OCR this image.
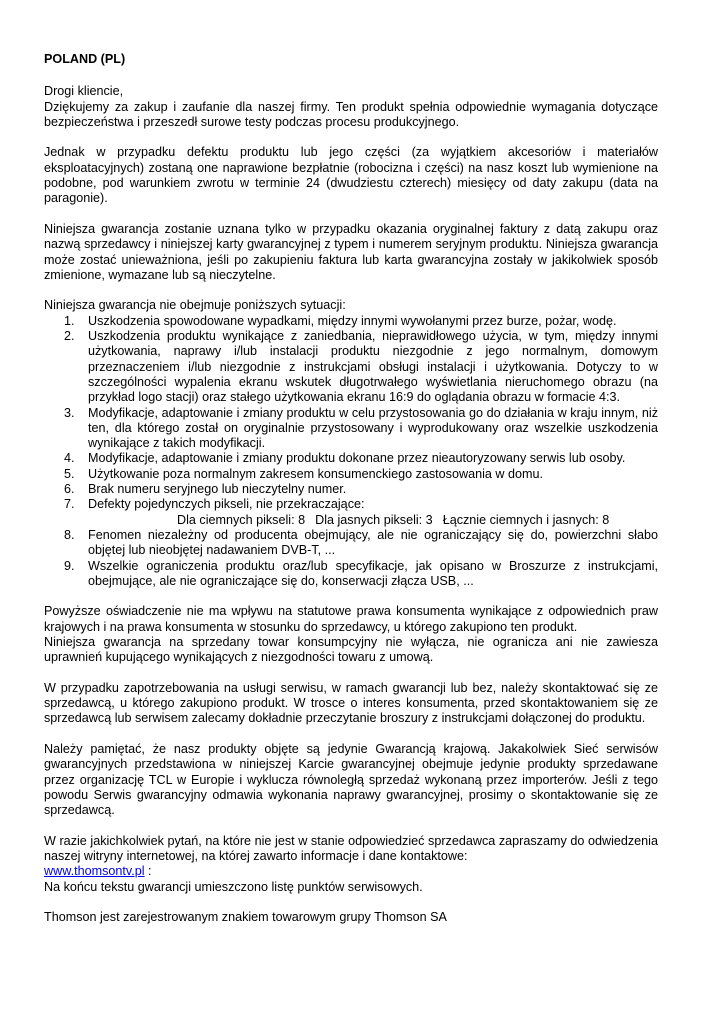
POLAND (PL)

Drogi kliencie,

Dziękujemy za zakup i zaufanie dla naszej firmy. Ten produkt spełnia odpowiednie wymagania dotyczące bezpieczeństwa i przeszedł surowe testy podczas procesu produkcyjnego.

Jednak w przypadku defektu produktu lub jego części (za wyjątkiem akcesoriów i materiałów eksploatacyjnych) zostaną one naprawione bezpłatnie (robocizna i części) na nasz koszt lub wymienione na podobne, pod warunkiem zwrotu w terminie 24 (dwudziestu czterech) miesięcy od daty zakupu (data na paragonie).

Niniejsza gwarancja zostanie uznana tylko w przypadku okazania oryginalnej faktury z datą zakupu oraz nazwą sprzedawcy i niniejszej karty gwarancyjnej z typem i numerem seryjnym produktu. Niniejsza gwarancja może zostać unieważniona, jeśli po zakupieniu faktura lub karta gwarancyjna zostały w jakikolwiek sposób zmienione, wymazane lub są nieczytelne.

Niniejsza gwarancja nie obejmuje poniższych sytuacji:

1. Uszkodzenia spowodowane wypadkami, między innymi wywołanymi przez burze, pożar, wodę.
2. Uszkodzenia produktu wynikające z zaniedbania, nieprawidłowego użycia, w tym, między innymi użytkowania, naprawy i/lub instalacji produktu niezgodnie z jego normalnym, domowym przeznaczeniem i/lub niezgodnie z instrukcjami obsługi instalacji i użytkowania. Dotyczy to w szczególności wypalenia ekranu wskutek długotrwałego wyświetlania nieruchomego obrazu (na przykład logo stacji) oraz stałego użytkowania ekranu 16:9 do oglądania obrazu w formacie 4:3.
3. Modyfikacje, adaptowanie i zmiany produktu w celu przystosowania go do działania w kraju innym, niż ten, dla którego został on oryginalnie przystosowany i wyprodukowany oraz wszelkie uszkodzenia wynikające z takich modyfikacji.
4. Modyfikacje, adaptowanie i zmiany produktu dokonane przez nieautoryzowany serwis lub osoby.
5. Użytkowanie poza normalnym zakresem konsumenckiego zastosowania w domu.
6. Brak numeru seryjnego lub nieczytelny numer.
7. Defekty pojedynczych pikseli, nie przekraczające:
Dla ciemnych pikseli: 8 Dla jasnych pikseli: 3 Łącznie ciemnych i jasnych: 8
8. Fenomen niezależny od producenta obejmujący, ale nie ograniczający się do, powierzchni słabo objętej lub nieobjętej nadawaniem DVB-T, ...
9. Wszelkie ograniczenia produktu oraz/lub specyfikacje, jak opisano w Broszurze z instrukcjami, obejmujące, ale nie ograniczające się do, konserwacji złącza USB, ...

Powyższe oświadczenie nie ma wpływu na statutowe prawa konsumenta wynikające z odpowiednich praw krajowych i na prawa konsumenta w stosunku do sprzedawcy, u którego zakupiono ten produkt.

Niniejsza gwarancja na sprzedany towar konsumpcyjny nie wyłącza, nie ogranicza ani nie zawiesza uprawnień kupującego wynikających z niezgodności towaru z umową.

W przypadku zapotrzebowania na usługi serwisu, w ramach gwarancji lub bez, należy skontaktować się ze sprzedawcą, u którego zakupiono produkt. W trosce o interes konsumenta, przed skontaktowaniem się ze sprzedawcą lub serwisem zalecamy dokładnie przeczytanie broszury z instrukcjami dołączonej do produktu.

Należy pamiętać, że nasz produkty objęte są jedynie Gwarancją krajową. Jakakolwiek Sieć serwisów gwarancyjnych przedstawiona w niniejszej Karcie gwarancyjnej obejmuje jedynie produkty sprzedawane przez organizację TCL w Europie i wyklucza równoległą sprzedaż wykonaną przez importerów. Jeśli z tego powodu Serwis gwarancyjny odmawia wykonania naprawy gwarancyjnej, prosimy o skontaktowanie się ze sprzedawcą.

W razie jakichkolwiek pytań, na które nie jest w stanie odpowiedzieć sprzedawca zapraszamy do odwiedzenia naszej witryny internetowej, na której zawarto informacje i dane kontaktowe:

www.thomsontv.pl :

Na końcu tekstu gwarancji umieszczono listę punktów serwisowych.

Thomson jest zarejestrowanym znakiem towarowym grupy Thomson SA
